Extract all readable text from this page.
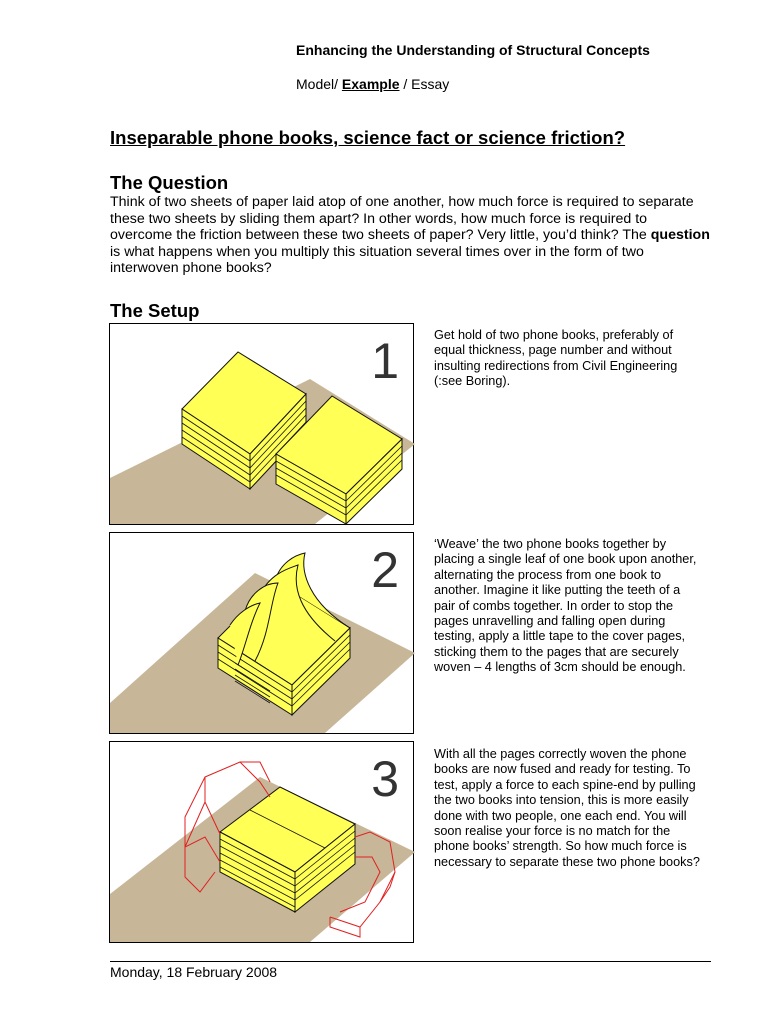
Enhancing the Understanding of Structural Concepts
Model/ Example / Essay
Inseparable phone books, science fact or science friction?
The Question
Think of two sheets of paper laid atop of one another, how much force is required to separate these two sheets by sliding them apart? In other words, how much force is required to overcome the friction between these two sheets of paper? Very little, you’d think? The question is what happens when you multiply this situation several times over in the form of two interwoven phone books?
The Setup
1	Get hold of two phone books, preferably of equal thickness, page number and without insulting redirections from Civil Engineering (:see Boring).
2	‘Weave’ the two phone books together by placing a single leaf of one book upon another, alternating the process from one book to another. Imagine it like putting the teeth of a pair of combs together. In order to stop the pages unravelling and falling open during testing, apply a little tape to the cover pages, sticking them to the pages that are securely woven – 4 lengths of 3cm should be enough.
3	With all the pages correctly woven the phone books are now fused and ready for testing. To test, apply a force to each spine-end by pulling the two books into tension, this is more easily done with two people, one each end. You will soon realise your force is no match for the phone books’ strength. So how much force is necessary to separate these two phone books?
Monday, 18 February 2008
